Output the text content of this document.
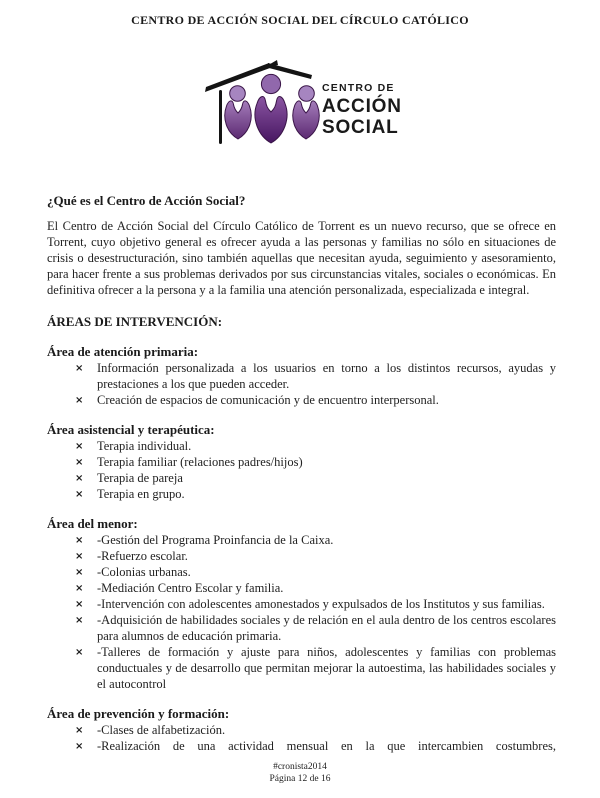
CENTRO DE ACCIÓN SOCIAL DEL CÍRCULO CATÓLICO
CENTRO DE
ACCIÓN
SOCIAL
¿Qué es el Centro de Acción Social?

El Centro de Acción Social del Círculo Católico de Torrent es un nuevo recurso, que se ofrece en Torrent, cuyo objetivo general es ofrecer ayuda a las personas y familias no sólo en situaciones de crisis o desestructuración, sino también aquellas que necesitan ayuda, seguimiento y asesoramiento, para hacer frente a sus problemas derivados por sus circunstancias vitales, sociales o económicas. En definitiva ofrecer a la persona y a la familia una atención personalizada, especializada e integral.

ÁREAS DE INTERVENCIÓN:
Área de atención primaria:
× Información personalizada a los usuarios en torno a los distintos recursos, ayudas y prestaciones a los que pueden acceder.
× Creación de espacios de comunicación y de encuentro interpersonal.
Área asistencial y terapéutica:
× Terapia individual.
× Terapia familiar (relaciones padres/hijos)
× Terapia de pareja
× Terapia en grupo.
Área del menor:
× -Gestión del Programa Proinfancia de la Caixa.
× -Refuerzo escolar.
× -Colonias urbanas.
× -Mediación Centro Escolar y familia.
× -Intervención con adolescentes amonestados y expulsados de los Institutos y sus familias.
× -Adquisición de habilidades sociales y de relación en el aula dentro de los centros escolares para alumnos de educación primaria.
× -Talleres de formación y ajuste para niños, adolescentes y familias con problemas conductuales y de desarrollo que permitan mejorar la autoestima, las habilidades sociales y el autocontrol
Área de prevención y formación:
× -Clases de alfabetización.
× -Realización de una actividad mensual en la que intercambien costumbres,
#cronista2014
Página 12 de 16
